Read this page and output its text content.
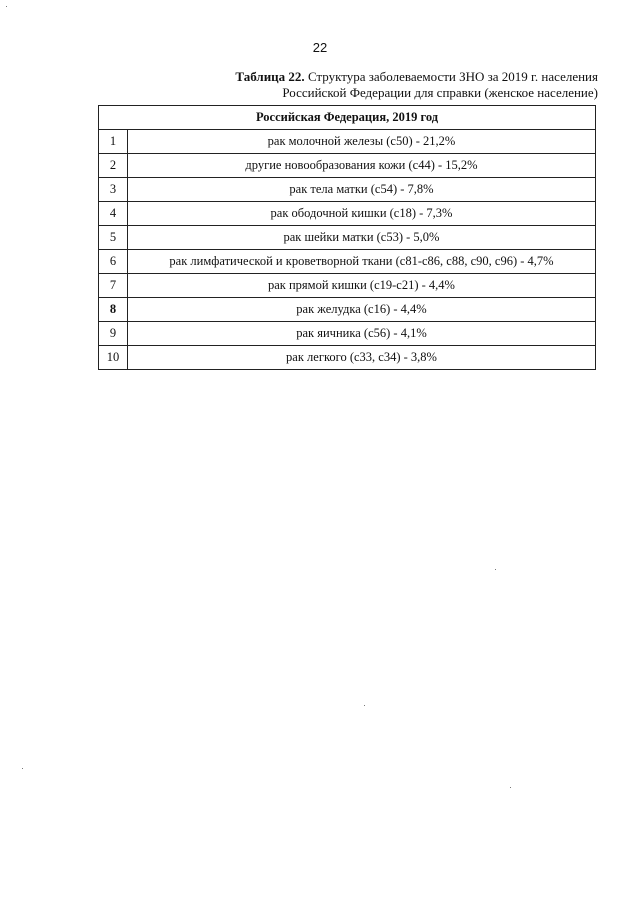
22
Таблица 22. Структура заболеваемости ЗНО за 2019 г. населения
Российской Федерации для справки (женское население)
Российская Федерация, 2019 год	
1	рак молочной железы (с50) - 21,2%
2	другие новообразования кожи (с44) - 15,2%
3	рак тела матки (с54) - 7,8%
4	рак ободочной кишки (с18) - 7,3%
5	рак шейки матки (с53) - 5,0%
6	рак лимфатической и кроветворной ткани (с81-с86, с88, с90, с96) - 4,7%
7	рак прямой кишки (с19-с21) - 4,4%
8	рак желудка (с16) - 4,4%
9	рак яичника (с56) - 4,1%
10	рак легкого (с33, с34) - 3,8%
